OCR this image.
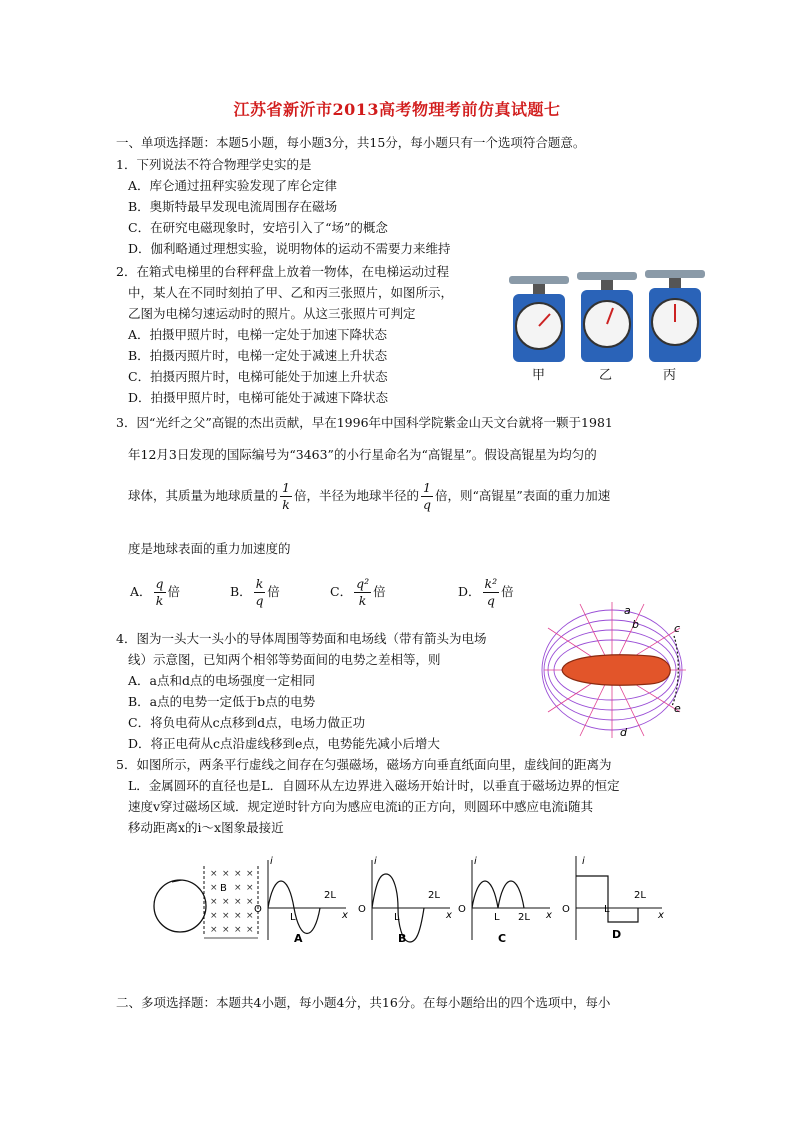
江苏省新沂市2013高考物理考前仿真试题七
一、单项选择题：本题5小题，每小题3分，共15分，每小题只有一个选项符合题意。
1．下列说法不符合物理学史实的是
A．库仑通过扭秤实验发现了库仑定律
B．奥斯特最早发现电流周围存在磁场
C．在研究电磁现象时，安培引入了“场”的概念
D．伽利略通过理想实验，说明物体的运动不需要力来维持
2．在箱式电梯里的台秤秤盘上放着一物体，在电梯运动过程
中，某人在不同时刻拍了甲、乙和丙三张照片，如图所示，
乙图为电梯匀速运动时的照片。从这三张照片可判定
A．拍摄甲照片时，电梯一定处于加速下降状态
B．拍摄丙照片时，电梯一定处于减速上升状态
C．拍摄丙照片时，电梯可能处于加速上升状态
D．拍摄甲照片时，电梯可能处于减速下降状态
甲	乙	丙
3．因“光纤之父”高锟的杰出贡献，早在1996年中国科学院紫金山天文台就将一颗于1981
年12月3日发现的国际编号为“3463”的小行星命名为“高锟星”。假设高锟星为均匀的
球体，其质量为地球质量的 $\frac{1}{k}$ 倍，半径为地球半径的 $\frac{1}{q}$ 倍，则“高锟星”表面的重力加速
度是地球表面的重力加速度的
A． $\frac{q}{k}$ 倍	B． $\frac{k}{q}$ 倍	C． $\frac{\text{q²}}{k}$ 倍	D． $\frac{\text{k²}}{q}$ 倍
4．图为一头大一头小的导体周围等势面和电场线（带有箭头为电场
线）示意图，已知两个相邻等势面间的电势之差相等，则
A．a点和d点的电场强度一定相同
B．a点的电势一定低于b点的电势
C．将负电荷从c点移到d点，电场力做正功
D．将正电荷从c点沿虚线移到e点，电势能先减小后增大
a
b	c
d
e
5．如图所示，两条平行虚线之间存在匀强磁场，磁场方向垂直纸面向里，虚线间的距离为
L．金属圆环的直径也是L．自圆环从左边界进入磁场开始计时，以垂直于磁场边界的恒定
速度v穿过磁场区域．规定逆时针方向为感应电流i的正方向，则圆环中感应电流i随其
移动距离x的i～x图象最接近
× × × ×
× × ×
× × × ×
× × × ×
× × × ×
B
i
x
O
L
2L
A
i
x
O
L
2L
B
i
x
O
L 2L
C
i
x
O	L
2L
D
二、多项选择题：本题共4小题，每小题4分，共16分。在每小题给出的四个选项中，每小
